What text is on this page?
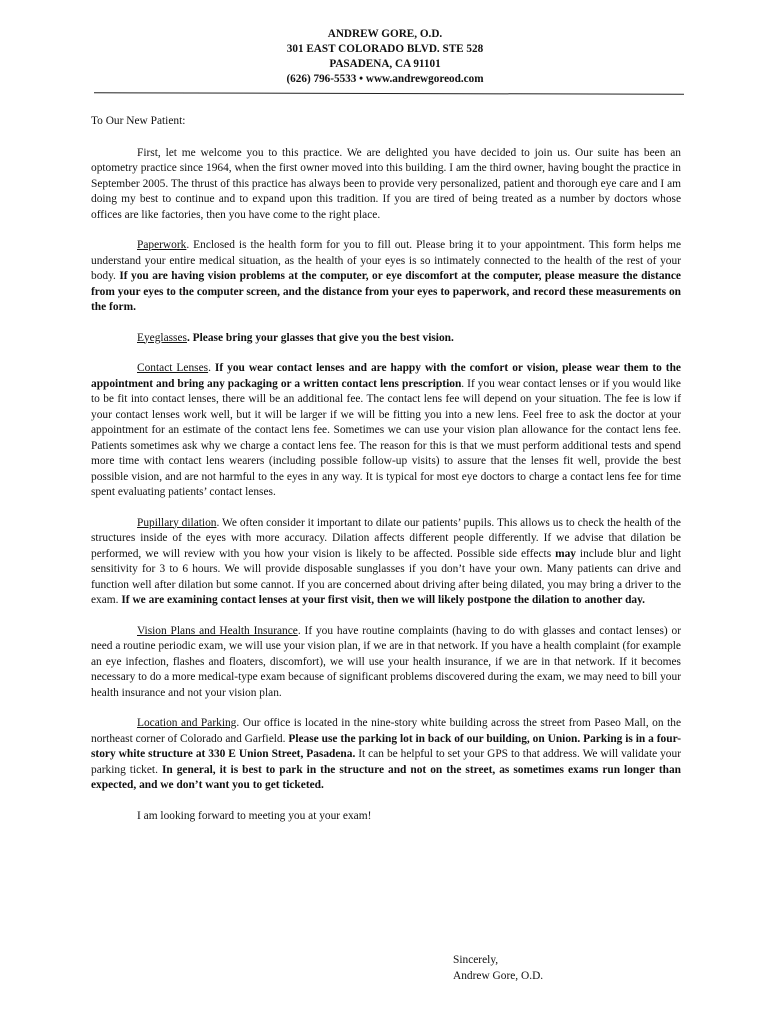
ANDREW GORE, O.D.
301 EAST COLORADO BLVD. STE 528
PASADENA, CA 91101
(626) 796-5533 • www.andrewgoreod.com
To Our New Patient:

First, let me welcome you to this practice. We are delighted you have decided to join us. Our suite has been an optometry practice since 1964, when the first owner moved into this building. I am the third owner, having bought the practice in September 2005. The thrust of this practice has always been to provide very personalized, patient and thorough eye care and I am doing my best to continue and to expand upon this tradition. If you are tired of being treated as a number by doctors whose offices are like factories, then you have come to the right place.

Paperwork. Enclosed is the health form for you to fill out. Please bring it to your appointment. This form helps me understand your entire medical situation, as the health of your eyes is so intimately connected to the health of the rest of your body. If you are having vision problems at the computer, or eye discomfort at the computer, please measure the distance from your eyes to the computer screen, and the distance from your eyes to paperwork, and record these measurements on the form.

Eyeglasses. Please bring your glasses that give you the best vision.

Contact Lenses. If you wear contact lenses and are happy with the comfort or vision, please wear them to the appointment and bring any packaging or a written contact lens prescription. If you wear contact lenses or if you would like to be fit into contact lenses, there will be an additional fee. The contact lens fee will depend on your situation. The fee is low if your contact lenses work well, but it will be larger if we will be fitting you into a new lens. Feel free to ask the doctor at your appointment for an estimate of the contact lens fee. Sometimes we can use your vision plan allowance for the contact lens fee. Patients sometimes ask why we charge a contact lens fee. The reason for this is that we must perform additional tests and spend more time with contact lens wearers (including possible follow-up visits) to assure that the lenses fit well, provide the best possible vision, and are not harmful to the eyes in any way. It is typical for most eye doctors to charge a contact lens fee for time spent evaluating patients’ contact lenses.

Pupillary dilation. We often consider it important to dilate our patients’ pupils. This allows us to check the health of the structures inside of the eyes with more accuracy. Dilation affects different people differently. If we advise that dilation be performed, we will review with you how your vision is likely to be affected. Possible side effects may include blur and light sensitivity for 3 to 6 hours. We will provide disposable sunglasses if you don’t have your own. Many patients can drive and function well after dilation but some cannot. If you are concerned about driving after being dilated, you may bring a driver to the exam. If we are examining contact lenses at your first visit, then we will likely postpone the dilation to another day.

Vision Plans and Health Insurance. If you have routine complaints (having to do with glasses and contact lenses) or need a routine periodic exam, we will use your vision plan, if we are in that network. If you have a health complaint (for example an eye infection, flashes and floaters, discomfort), we will use your health insurance, if we are in that network. If it becomes necessary to do a more medical-type exam because of significant problems discovered during the exam, we may need to bill your health insurance and not your vision plan.

Location and Parking. Our office is located in the nine-story white building across the street from Paseo Mall, on the northeast corner of Colorado and Garfield. Please use the parking lot in back of our building, on Union. Parking is in a four-story white structure at 330 E Union Street, Pasadena. It can be helpful to set your GPS to that address. We will validate your parking ticket. In general, it is best to park in the structure and not on the street, as sometimes exams run longer than expected, and we don’t want you to get ticketed.

I am looking forward to meeting you at your exam!
Sincerely,
Andrew Gore, O.D.
